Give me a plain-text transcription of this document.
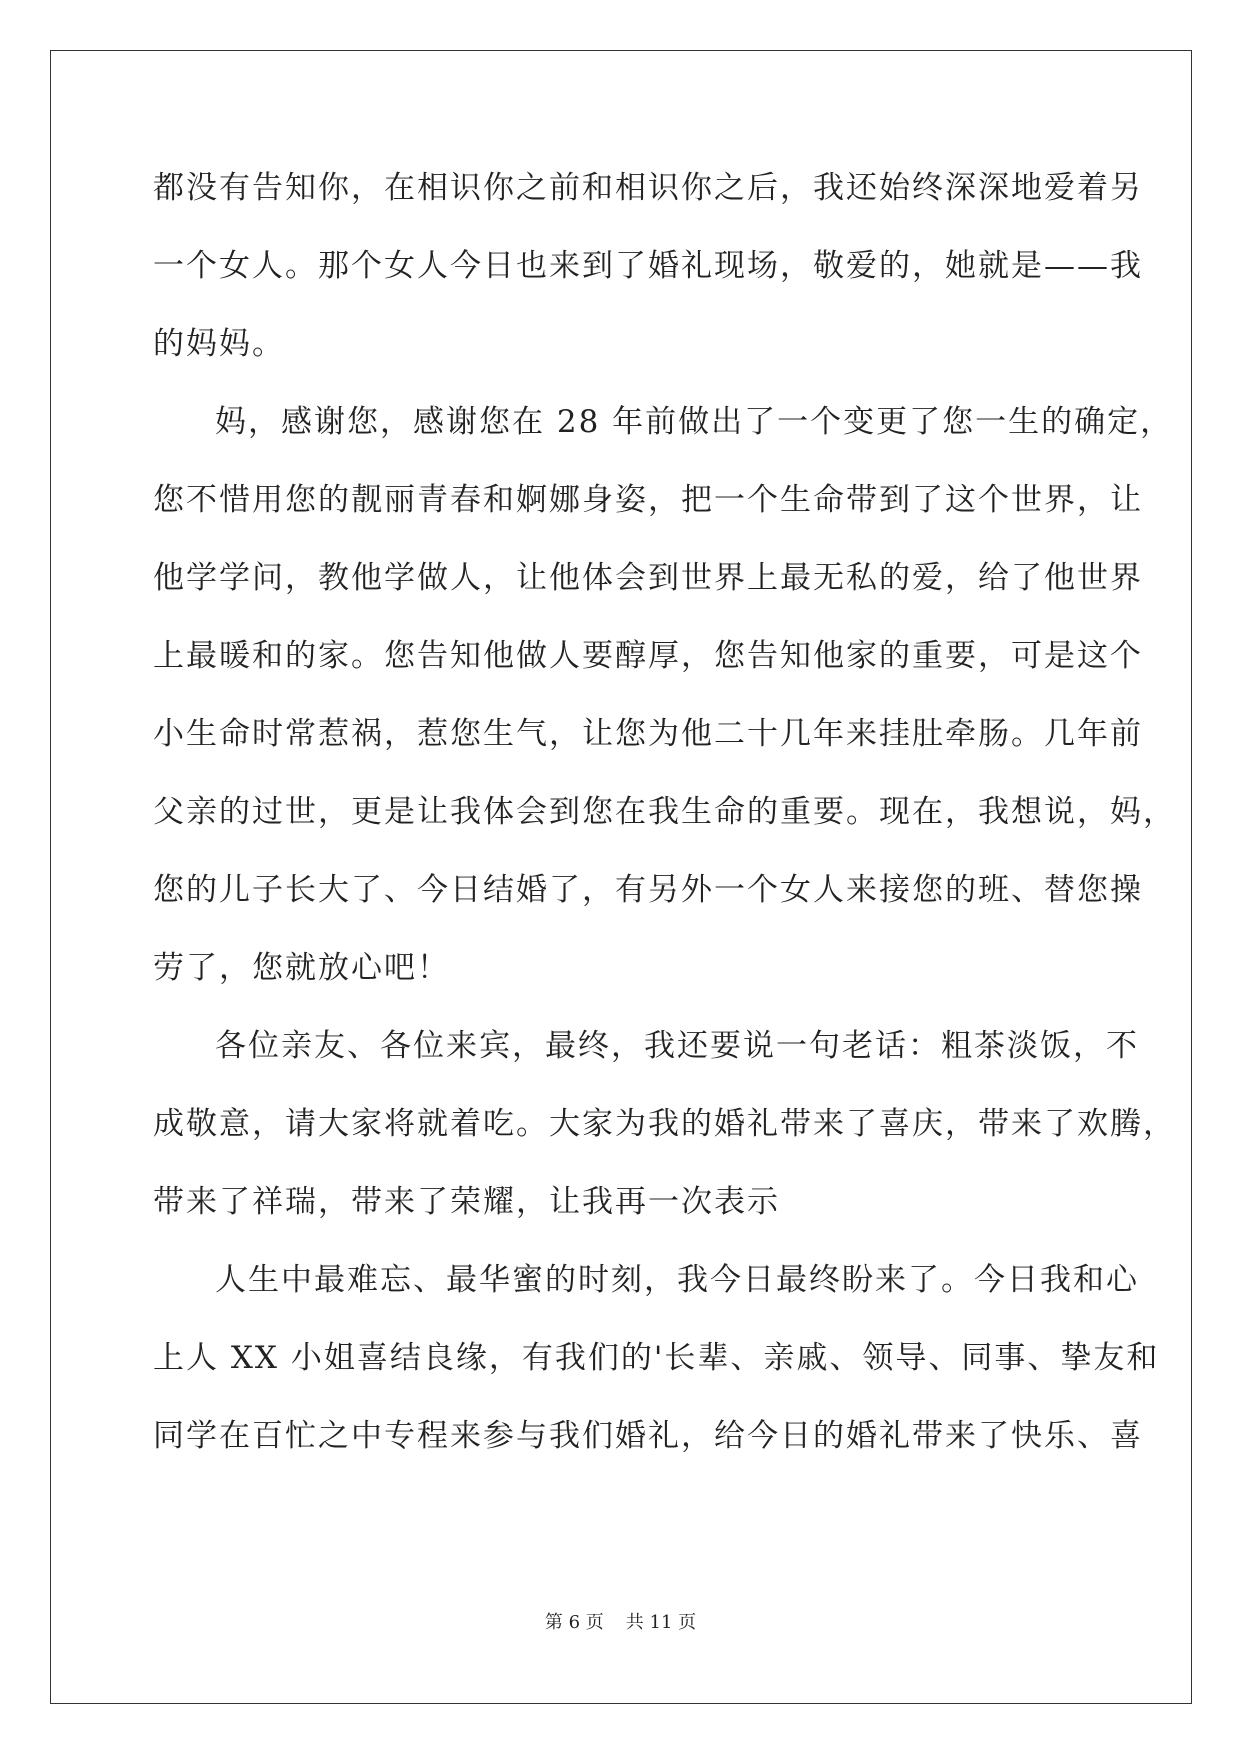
都没有告知你，在相识你之前和相识你之后，我还始终深深地爱着另
一个女人。那个女人今日也来到了婚礼现场，敬爱的，她就是——我
的妈妈。
妈，感谢您，感谢您在 28 年前做出了一个变更了您一生的确定，
您不惜用您的靓丽青春和婀娜身姿，把一个生命带到了这个世界，让
他学学问，教他学做人，让他体会到世界上最无私的爱，给了他世界
上最暖和的家。您告知他做人要醇厚，您告知他家的重要，可是这个
小生命时常惹祸，惹您生气，让您为他二十几年来挂肚牵肠。几年前
父亲的过世，更是让我体会到您在我生命的重要。现在，我想说，妈，
您的儿子长大了、今日结婚了，有另外一个女人来接您的班、替您操
劳了，您就放心吧！
各位亲友、各位来宾，最终，我还要说一句老话：粗茶淡饭，不
成敬意，请大家将就着吃。大家为我的婚礼带来了喜庆，带来了欢腾，
带来了祥瑞，带来了荣耀，让我再一次表示
人生中最难忘、最华蜜的时刻，我今日最终盼来了。今日我和心
上人 XX 小姐喜结良缘，有我们的'长辈、亲戚、领导、同事、挚友和
同学在百忙之中专程来参与我们婚礼，给今日的婚礼带来了快乐、喜
第 6 页 共 11 页
